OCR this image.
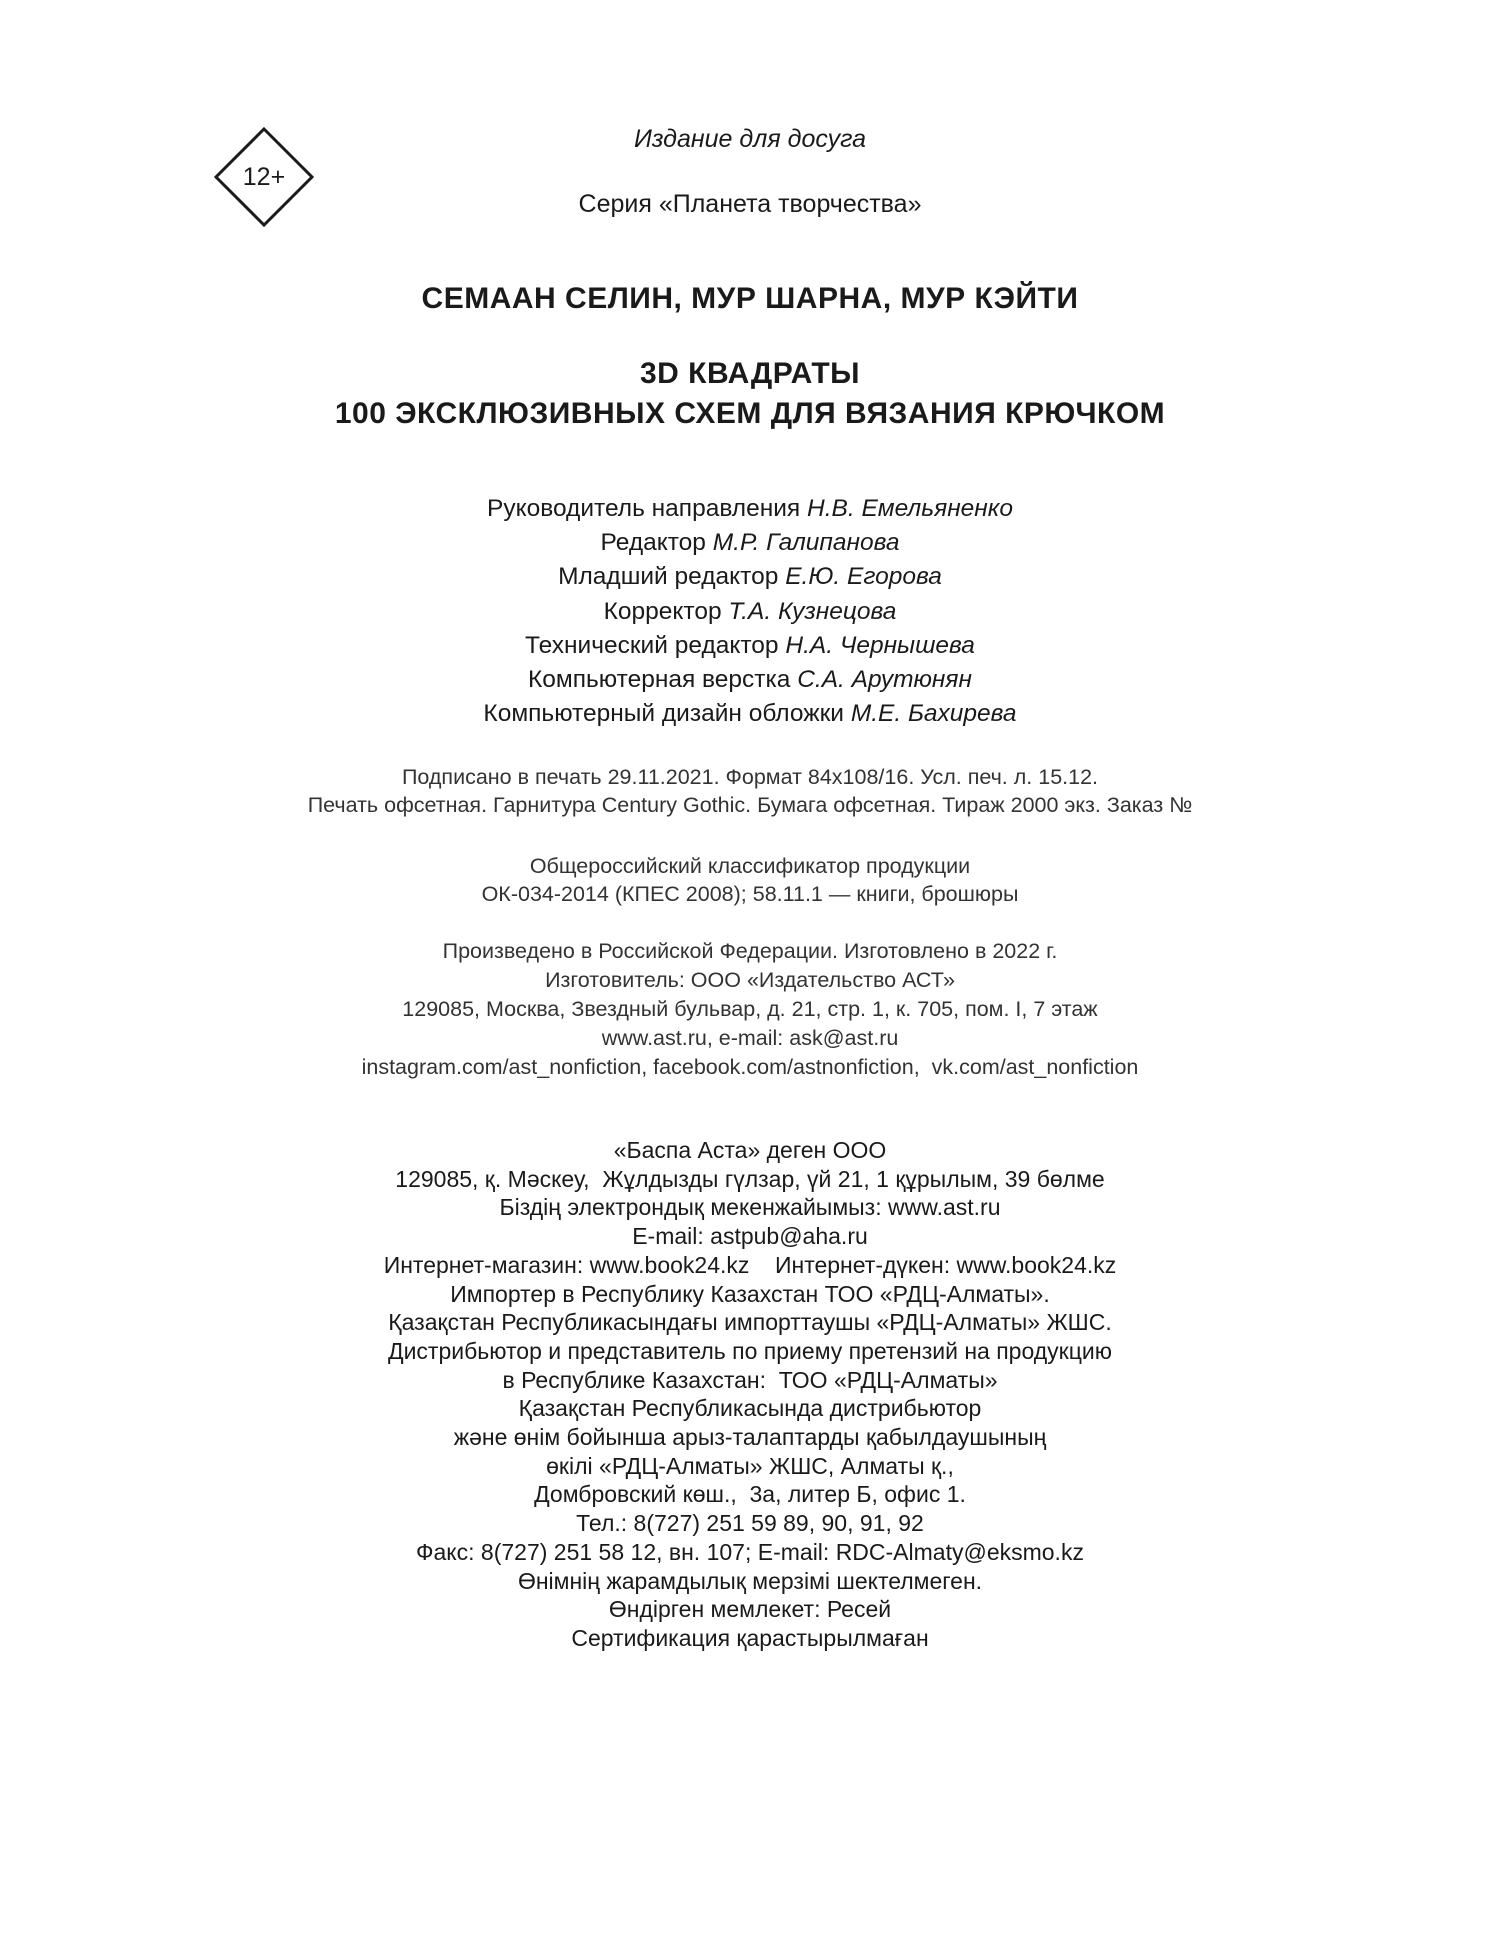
12+
Издание для досуга
Серия «Планета творчества»
СЕМААН СЕЛИН, МУР ШАРНА, МУР КЭЙТИ
3D КВАДРАТЫ
100 ЭКСКЛЮЗИВНЫХ СХЕМ ДЛЯ ВЯЗАНИЯ КРЮЧКОМ
Руководитель направления Н.В. Емельяненко
Редактор М.Р. Галипанова
Младший редактор Е.Ю. Егорова
Корректор Т.А. Кузнецова
Технический редактор Н.А. Чернышева
Компьютерная верстка С.А. Арутюнян
Компьютерный дизайн обложки М.Е. Бахирева
Подписано в печать 29.11.2021. Формат 84x108/16. Усл. печ. л. 15.12.
Печать офсетная. Гарнитура Century Gothic. Бумага офсетная. Тираж 2000 экз. Заказ №
Общероссийский классификатор продукции
ОК-034-2014 (КПЕС 2008); 58.11.1 — книги, брошюры
Произведено в Российской Федерации. Изготовлено в 2022 г.
Изготовитель: ООО «Издательство АСТ»
129085, Москва, Звездный бульвар, д. 21, стр. 1, к. 705, пом. I, 7 этаж
www.ast.ru, e-mail: ask@ast.ru
instagram.com/ast_nonfiction, facebook.com/astnonfiction,  vk.com/ast_nonfiction
«Баспа Аста» деген ООО
129085, қ. Мәскеу,  Жұлдызды гүлзар, үй 21, 1 құрылым, 39 бөлме
Біздің электрондық мекенжайымыз: www.ast.ru
E-mail: astpub@aha.ru
Интернет-магазин: www.book24.kz    Интернет-дүкен: www.book24.kz
Импортер в Республику Казахстан ТОО «РДЦ-Алматы».
Қазақстан Республикасындағы импорттаушы «РДЦ-Алматы» ЖШС.
Дистрибьютор и представитель по приему претензий на продукцию
в Республике Казахстан:  ТОО «РДЦ-Алматы»
Қазақстан Республикасында дистрибьютор
және өнім бойынша арыз-талаптарды қабылдаушының
өкілі «РДЦ-Алматы» ЖШС, Алматы қ.,
Домбровский көш.,  3а, литер Б, офис 1.
Тел.: 8(727) 251 59 89, 90, 91, 92
Факс: 8(727) 251 58 12, вн. 107; E-mail: RDC-Almaty@eksmo.kz
Өнімнің жарамдылық мерзімі шектелмеген.
Өндірген мемлекет: Ресей
Сертификация қарастырылмаған
